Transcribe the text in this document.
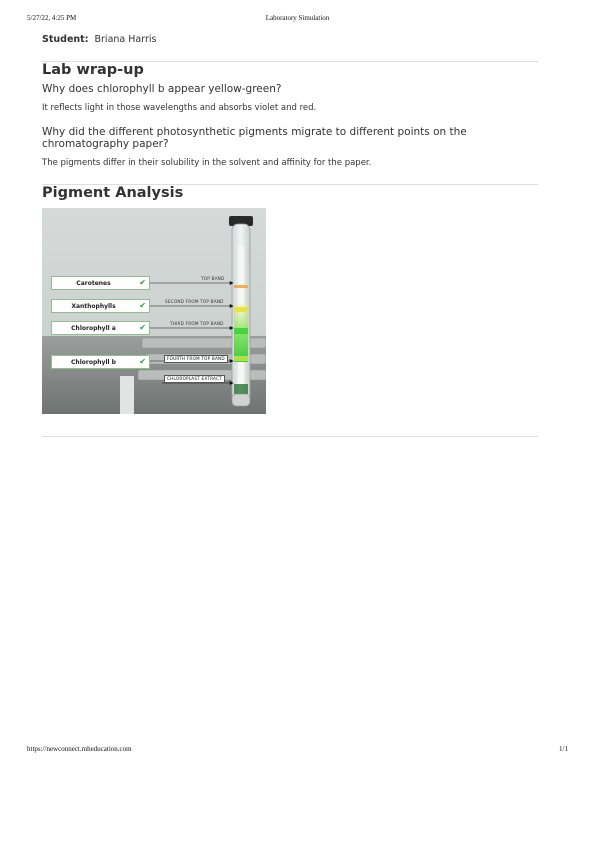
5/27/22, 4:25 PM	Laboratory Simulation
Student: Briana Harris
Lab wrap-up

Why does chlorophyll b appear yellow-green?

It reflects light in those wavelengths and absorbs violet and red.

Why did the different photosynthetic pigments migrate to different points on the chromatography paper?

The pigments differ in their solubility in the solvent and affinity for the paper.

Pigment Analysis
Carotenes	✔
Xanthophylls	✔
Chlorophyll a	✔
Chlorophyll b	✔
TOP BAND
SECOND FROM TOP BAND
THIRD FROM TOP BAND
FOURTH FROM TOP BAND
CHLOROPLAST EXTRACT
https://newconnect.mheducation.com	1/1
